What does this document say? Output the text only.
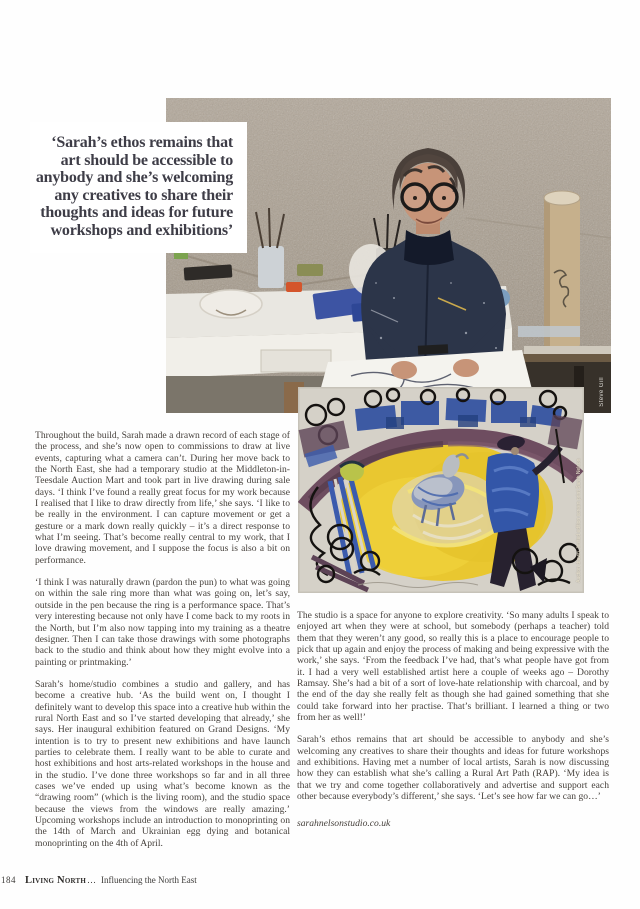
Steve Gill
‘Sarah’s ethos remains that art should be accessible to anybody and she’s welcoming any creatives to share their thoughts and ideas for future workshops and exhibitions’
Auction drawn, limited edition screen print
Sarah Nelson

Throughout the build, Sarah made a drawn record of each stage of the process, and she’s now open to commissions to draw at live events, capturing what a camera can’t. During her move back to the North East, she had a temporary studio at the Middleton-in-Teesdale Auction Mart and took part in live drawing during sale days. ‘I think I’ve found a really great focus for my work because I realised that I like to draw directly from life,’ she says. ‘I like to be really in the environment. I can capture movement or get a gesture or a mark down really quickly – it’s a direct response to what I’m seeing. That’s become really central to my work, that I love drawing movement, and I suppose the focus is also a bit on performance.

‘I think I was naturally drawn (pardon the pun) to what was going on within the sale ring more than what was going on, let’s say, outside in the pen because the ring is a performance space. That’s very interesting because not only have I come back to my roots in the North, but I’m also now tapping into my training as a theatre designer. Then I can take those drawings with some photographs back to the studio and think about how they might evolve into a painting or printmaking.’

Sarah’s home/studio combines a studio and gallery, and has become a creative hub. ‘As the build went on, I thought I definitely want to develop this space into a creative hub within the rural North East and so I’ve started developing that already,’ she says. Her inaugural exhibition featured on Grand Designs. ‘My intention is to try to present new exhibitions and have launch parties to celebrate them. I really want to be able to curate and host exhibitions and host arts-related workshops in the house and in the studio. I’ve done three workshops so far and in all three cases we’ve ended up using what’s become known as the “drawing room” (which is the living room), and the studio space because the views from the windows are really amazing.’ Upcoming workshops include an introduction to monoprinting on the 14th of March and Ukrainian egg dying and botanical monoprinting on the 4th of April.

The studio is a space for anyone to explore creativity. ‘So many adults I speak to enjoyed art when they were at school, but somebody (perhaps a teacher) told them that they weren’t any good, so really this is a place to encourage people to pick that up again and enjoy the process of making and being expressive with the work,’ she says. ‘From the feedback I’ve had, that’s what people have got from it. I had a very well established artist here a couple of weeks ago – Dorothy Ramsay. She’s had a bit of a sort of love-hate relationship with charcoal, and by the end of the day she really felt as though she had gained something that she could take forward into her practise. That’s brilliant. I learned a thing or two from her as well!’

Sarah’s ethos remains that art should be accessible to anybody and she’s welcoming any creatives to share their thoughts and ideas for future workshops and exhibitions. Having met a number of local artists, Sarah is now discussing how they can establish what she’s calling a Rural Art Path (RAP). ‘My idea is that we try and come together collaboratively and advertise and support each other because everybody’s different,’ she says. ‘Let’s see how far we can go…’

sarahnelsonstudio.co.uk
184 Living North… Influencing the North East
